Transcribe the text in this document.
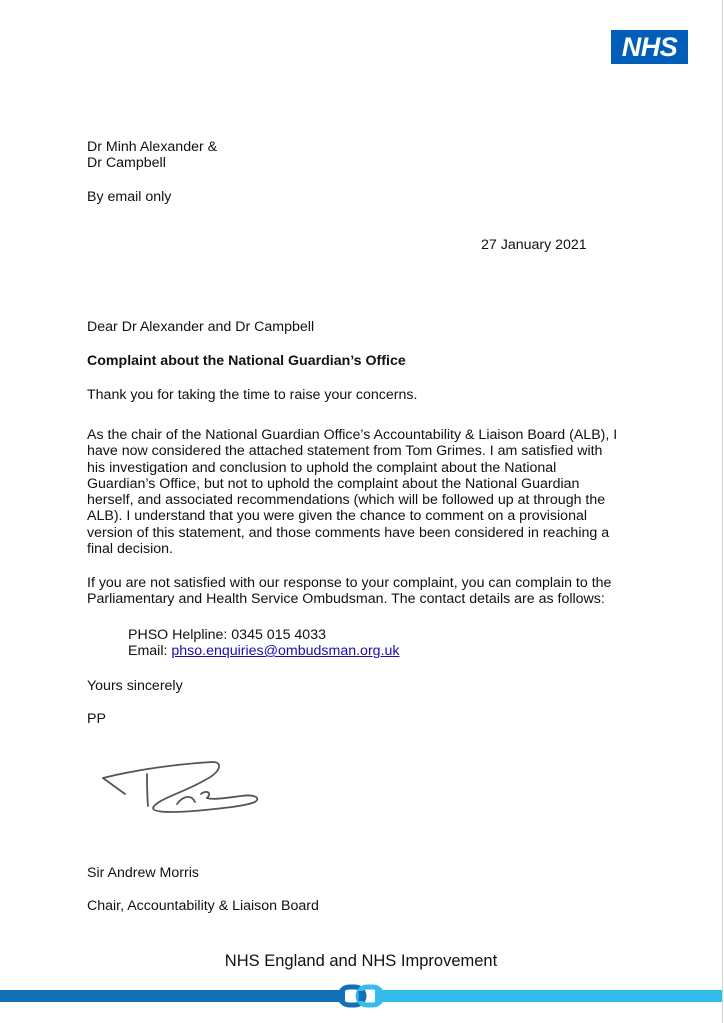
NHS
Dr Minh Alexander &
Dr Campbell
By email only
27 January 2021
Dear Dr Alexander and Dr Campbell
Complaint about the National Guardian’s Office
Thank you for taking the time to raise your concerns.
As the chair of the National Guardian Office’s Accountability & Liaison Board (ALB), I
have now considered the attached statement from Tom Grimes. I am satisfied with
his investigation and conclusion to uphold the complaint about the National
Guardian’s Office, but not to uphold the complaint about the National Guardian
herself, and associated recommendations (which will be followed up at through the
ALB). I understand that you were given the chance to comment on a provisional
version of this statement, and those comments have been considered in reaching a
final decision.
If you are not satisfied with our response to your complaint, you can complain to the
Parliamentary and Health Service Ombudsman. The contact details are as follows:
PHSO Helpline: 0345 015 4033
Email: phso.enquiries@ombudsman.org.uk
Yours sincerely
PP
Sir Andrew Morris
Chair, Accountability & Liaison Board
NHS England and NHS Improvement
